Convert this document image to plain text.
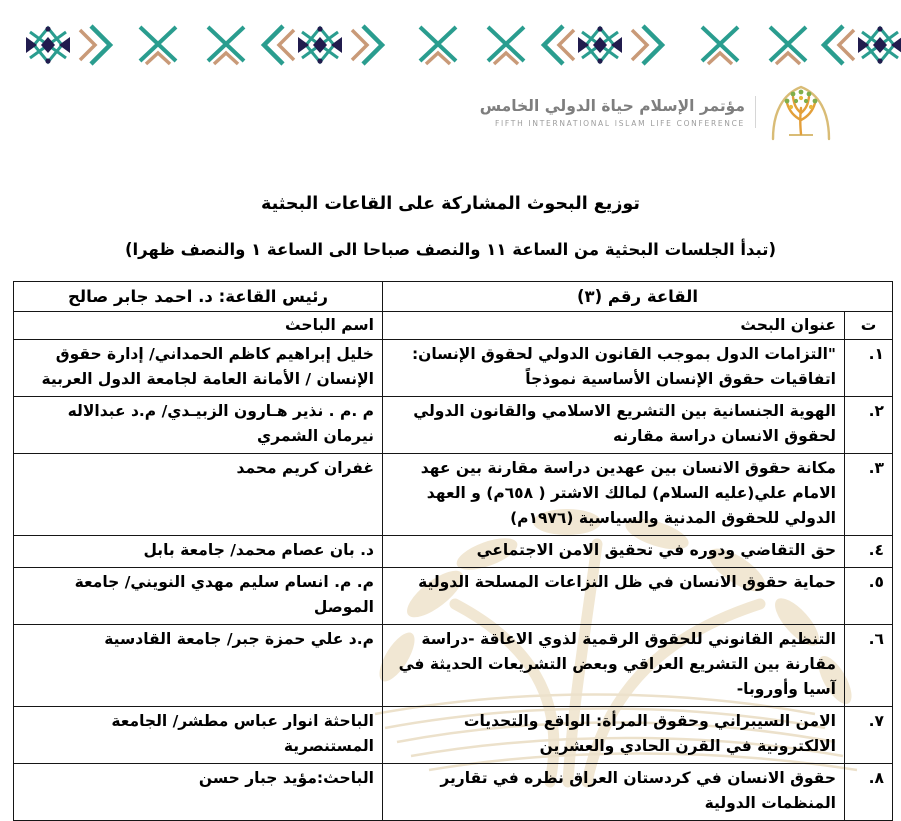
مؤتمر الإسلام حياة الدولي الخامس
FIFTH INTERNATIONAL ISLAM LIFE CONFERENCE
توزيع البحوث المشاركة على القاعات البحثية
(تبدأ الجلسات البحثية من الساعة ١١ والنصف صباحا الى الساعة ١ والنصف ظهرا)
القاعة رقم (٣)		رئيس القاعة: د. احمد جابر صالح
ت	عنوان البحث	اسم الباحث
١.	"التزامات الدول بموجب القانون الدولي لحقوق الإنسان: اتفاقيات حقوق الإنسان الأساسية نموذجاً	خليل إبراهيم كاظم الحمداني/ إدارة حقوق الإنسان / الأمانة العامة لجامعة الدول العربية
٢.	الهوية الجنسانية بين التشريع الاسلامي والقانون الدولي لحقوق الانسان دراسة مقارنه	م .م . نذير هـارون الزبيـدي/ م.د عبدالاله نيرمان الشمري
٣.	مكانة حقوق الانسان بين عهدين دراسة مقارنة بين عهد الامام علي(عليه السلام) لمالك الاشتر ( ٦٥٨م) و العهد الدولي للحقوق المدنية والسياسية (١٩٧٦م)	غفران كريم محمد
٤.	حق التقاضي ودوره في تحقيق الامن الاجتماعي	د. بان عصام محمد/ جامعة بابل
٥.	حماية حقوق الانسان في ظل النزاعات المسلحة الدولية	م. م. انسام سليم مهدي النويني/ جامعة الموصل
٦.	التنظيم القانوني للحقوق الرقمية لذوي الاعاقة -دراسة مقارنة بين التشريع العراقي وبعض التشريعات الحديثة في آسيا وأوروبا-	م.د علي حمزة جبر/ جامعة القادسية
٧.	الامن السيبراني وحقوق المرأة: الواقع والتحديات الالكترونية في القرن الحادي والعشرين	الباحثة انوار عباس مطشر/ الجامعة المستنصرية
٨.	حقوق الانسان في كردستان العراق نظره في تقارير المنظمات الدولية	الباحث:مؤيد جبار حسن
